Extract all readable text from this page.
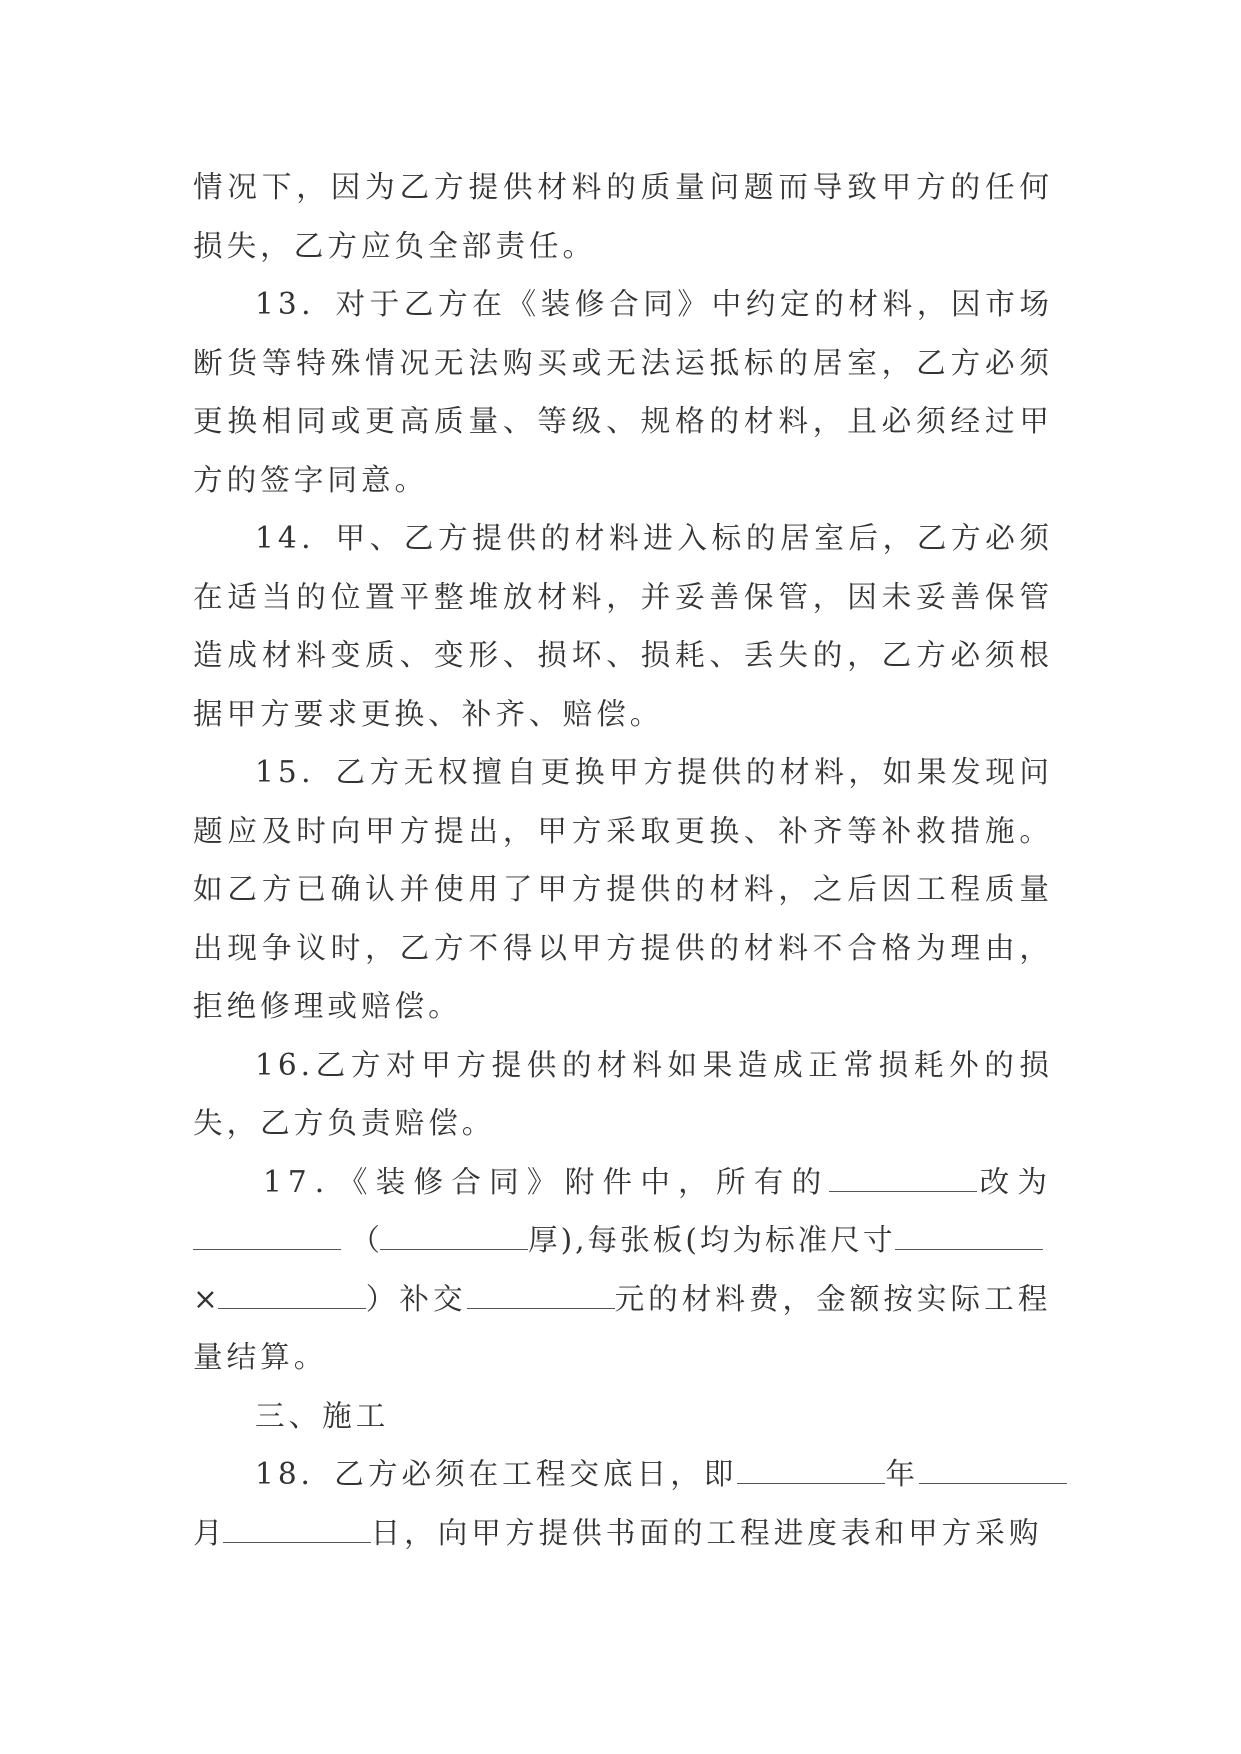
情况下，因为乙方提供材料的质量问题而导致甲方的任何损失，乙方应负全部责任。

13．对于乙方在《装修合同》中约定的材料，因市场断货等特殊情况无法购买或无法运抵标的居室，乙方必须更换相同或更高质量、等级、规格的材料，且必须经过甲方的签字同意。

14．甲、乙方提供的材料进入标的居室后，乙方必须在适当的位置平整堆放材料，并妥善保管，因未妥善保管造成材料变质、变形、损坏、损耗、丢失的，乙方必须根据甲方要求更换、补齐、赔偿。

15．乙方无权擅自更换甲方提供的材料，如果发现问题应及时向甲方提出，甲方采取更换、补齐等补救措施。如乙方已确认并使用了甲方提供的材料，之后因工程质量出现争议时，乙方不得以甲方提供的材料不合格为理由，拒绝修理或赔偿。

16.乙方对甲方提供的材料如果造成正常损耗外的损失，乙方负责赔偿。

17．《装修合同》附件中，所有的	改为
（	厚),每张板(均为标准尺寸
×	）补交	元的材料费，金额按实际工程
量结算。

三、施工

18．乙方必须在工程交底日，即	年
月	日，向甲方提供书面的工程进度表和甲方采购
